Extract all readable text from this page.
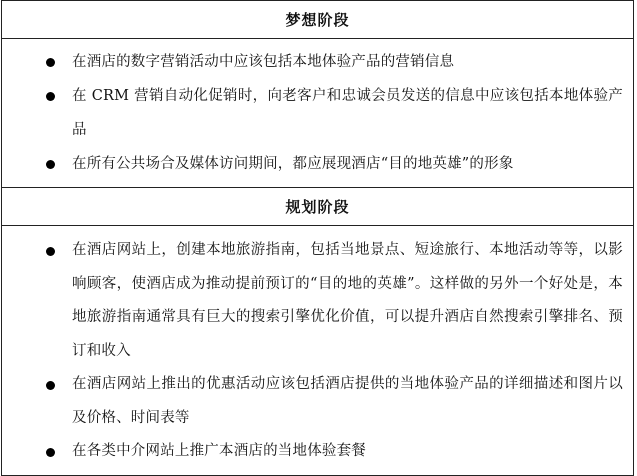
梦想阶段
在酒店的数字营销活动中应该包括本地体验产品的营销信息
在 CRM 营销自动化促销时，向老客户和忠诚会员发送的信息中应该包括本地体验产品
在所有公共场合及媒体访问期间，都应展现酒店“目的地英雄”的形象
规划阶段
在酒店网站上，创建本地旅游指南，包括当地景点、短途旅行、本地活动等等，以影响顾客，使酒店成为推动提前预订的“目的地的英雄”。这样做的另外一个好处是，本地旅游指南通常具有巨大的搜索引擎优化价值，可以提升酒店自然搜索引擎排名、预订和收入
在酒店网站上推出的优惠活动应该包括酒店提供的当地体验产品的详细描述和图片以及价格、时间表等
在各类中介网站上推广本酒店的当地体验套餐
